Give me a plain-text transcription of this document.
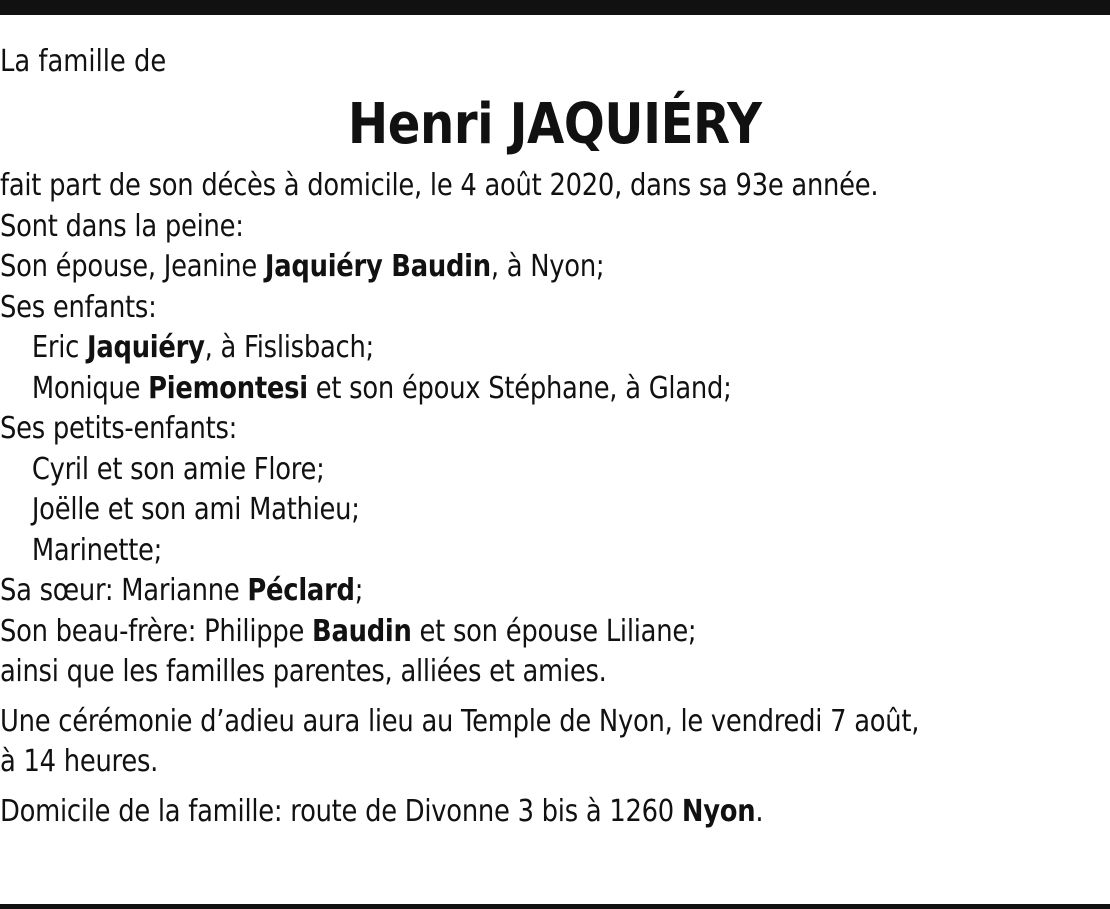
La famille de
Henri JAQUIÉRY
fait part de son décès à domicile, le 4 août 2020, dans sa 93e année.
Sont dans la peine:
Son épouse, Jeanine Jaquiéry Baudin, à Nyon;
Ses enfants:
Eric Jaquiéry, à Fislisbach;
Monique Piemontesi et son époux Stéphane, à Gland;
Ses petits-enfants:
Cyril et son amie Flore;
Joëlle et son ami Mathieu;
Marinette;
Sa sœur: Marianne Péclard;
Son beau-frère: Philippe Baudin et son épouse Liliane;
ainsi que les familles parentes, alliées et amies.
Une cérémonie d’adieu aura lieu au Temple de Nyon, le vendredi 7 août,
à 14 heures.
Domicile de la famille: route de Divonne 3 bis à 1260 Nyon.
